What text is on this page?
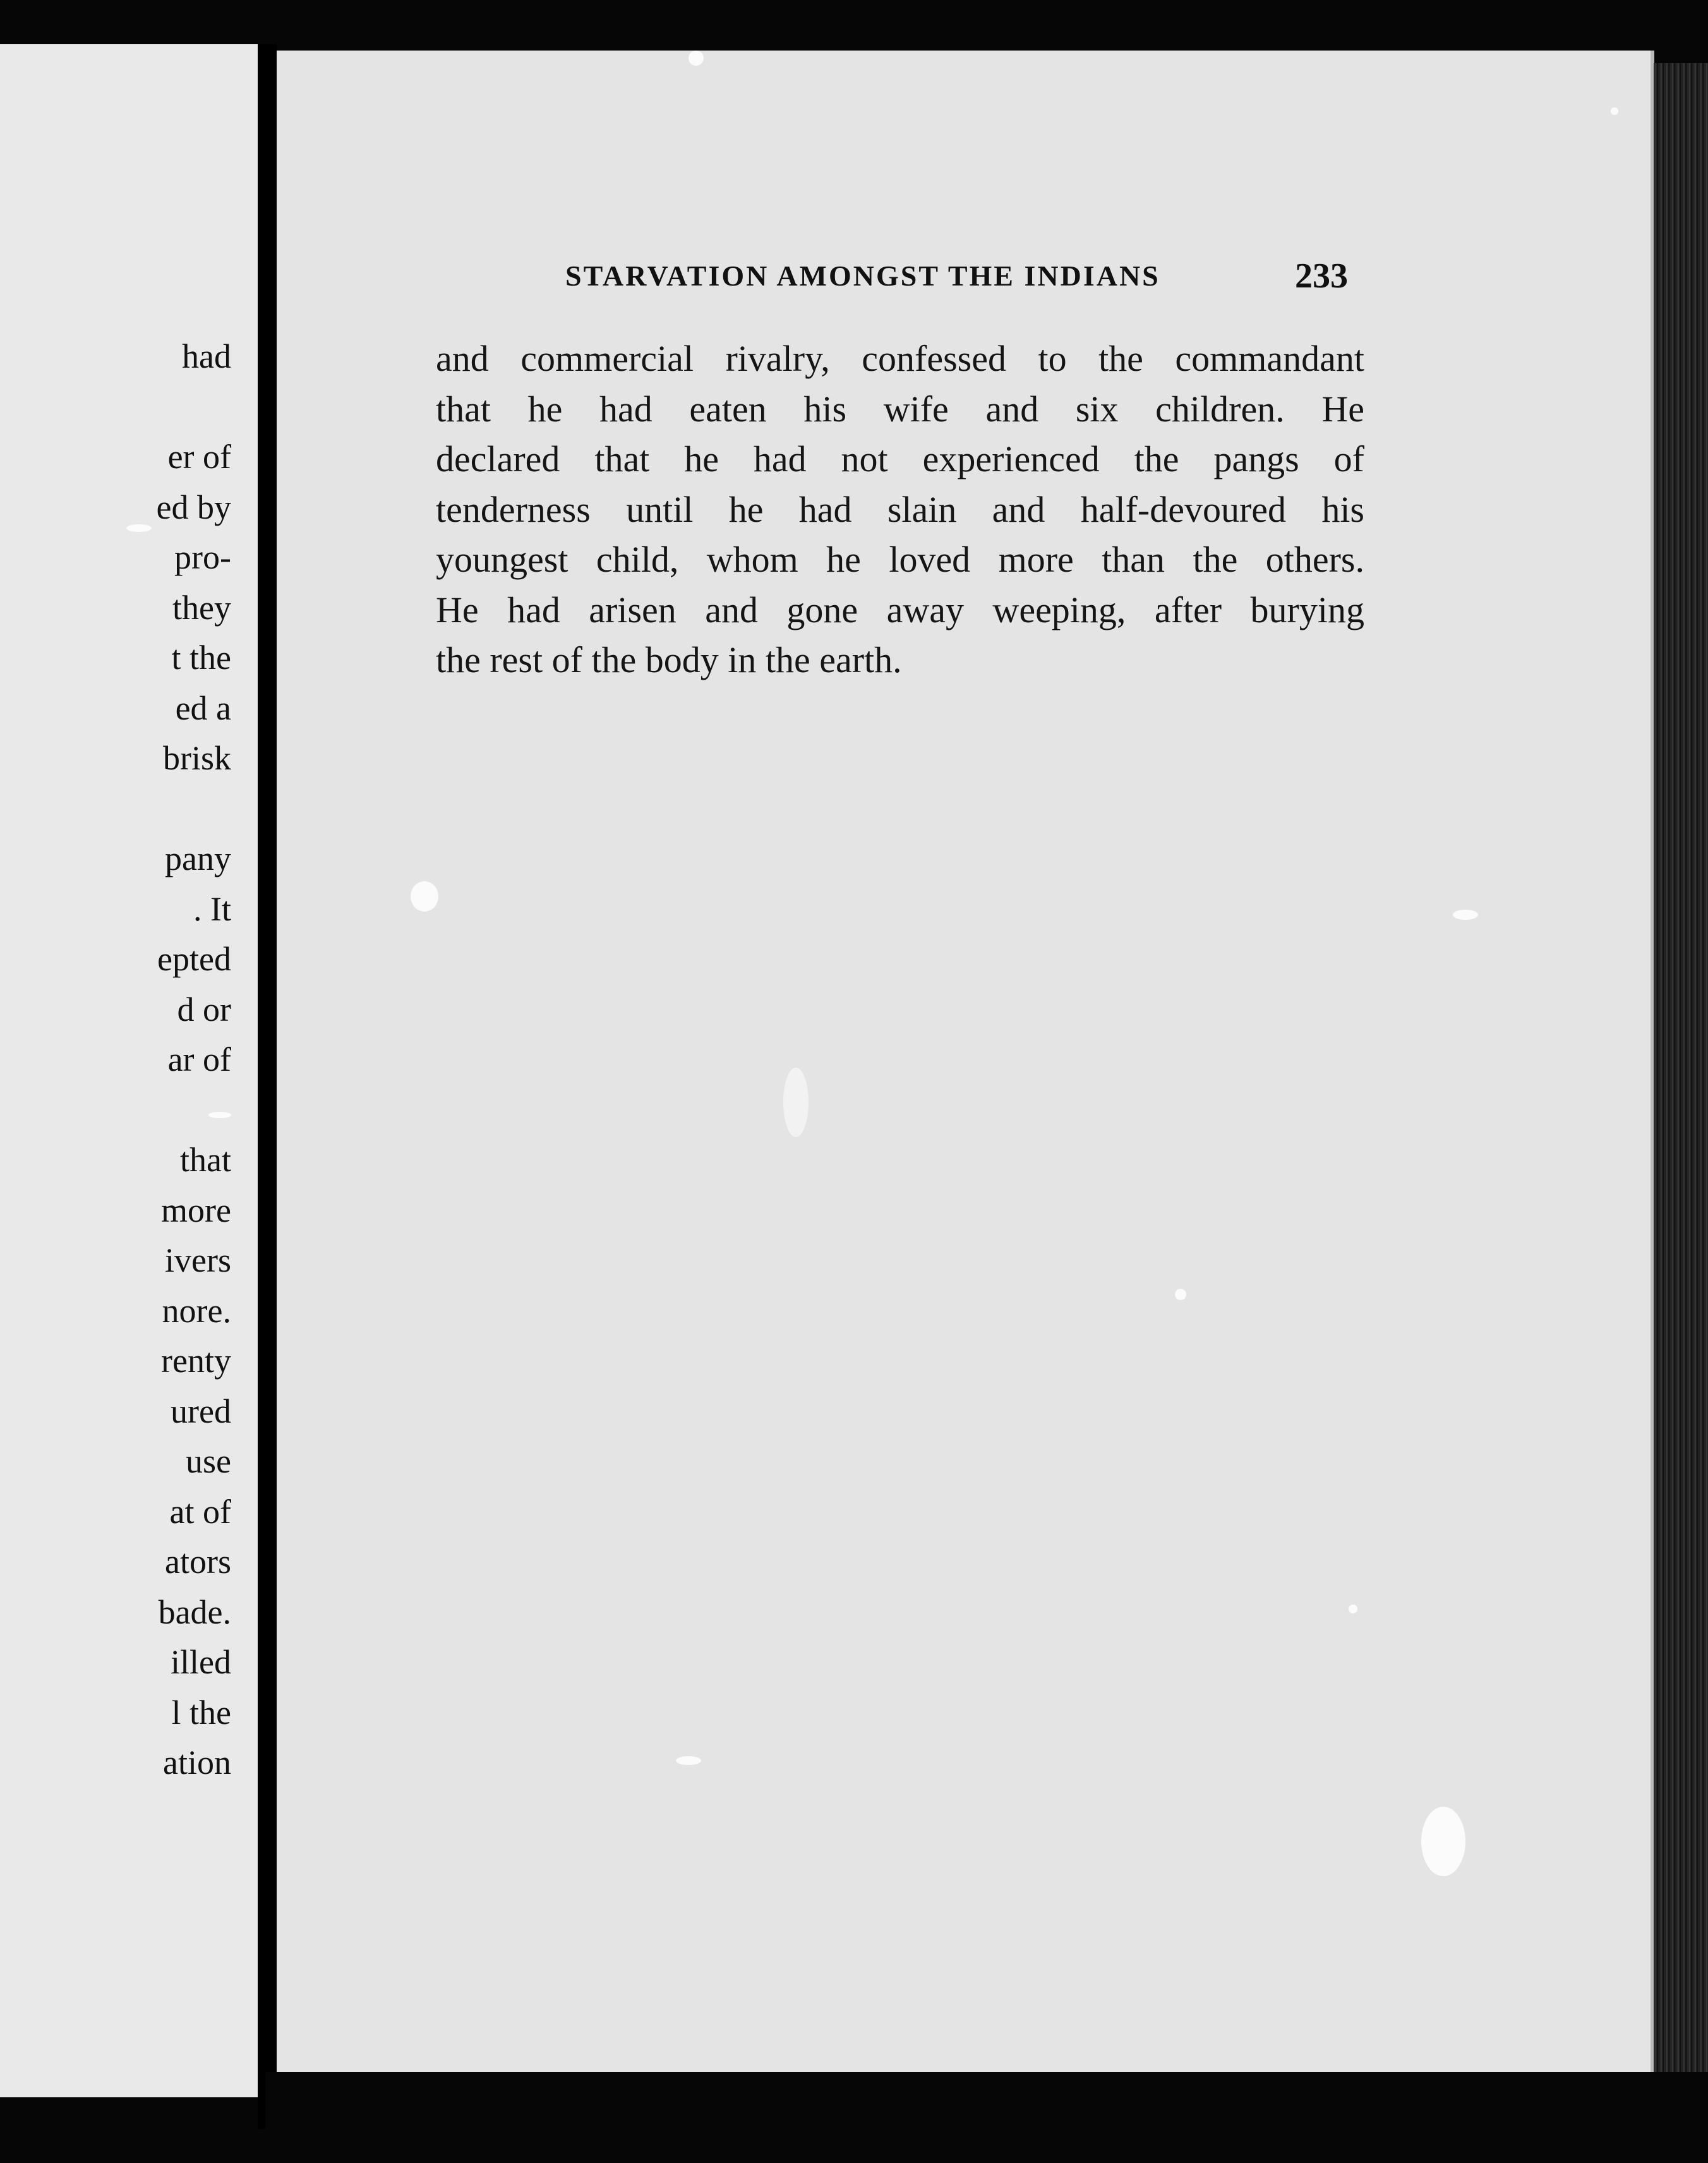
had
er of
ed by
pro-
they
t the
ed a
brisk
pany
. It
epted
d or
ar of
that
more
ivers
nore.
renty
ured
use
at of
ators
bade.
illed
l the
ation
STARVATION AMONGST THE INDIANS	233
and commercial rivalry, confessed to the commandant
that he had eaten his wife and six children. He
declared that he had not experienced the pangs of
tenderness until he had slain and half-devoured his
youngest child, whom he loved more than the others.
He had arisen and gone away weeping, after burying
the rest of the body in the earth.
